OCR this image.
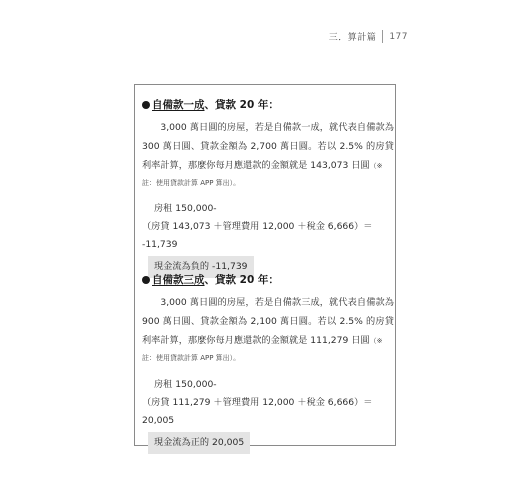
三．算計篇 177
自備款一成 、貸款 20 年：
3,000 萬日圓的房屋，若是自備款一成，就代表自備款為 300 萬日圓、貸款金額為 2,700 萬日圓。若以 2.5% 的房貸利率計算，那麼你每月應還款的金額就是 143,073 日圓（※
註：使用貸款計算 APP 算出）。
房租 150,000-
（房貸 143,073 ＋管理費用 12,000 ＋稅金 6,666）＝ -11,739
現金流為負的 -11,739
自備款三成 、貸款 20 年：
3,000 萬日圓的房屋，若是自備款三成，就代表自備款為 900 萬日圓、貸款金額為 2,100 萬日圓。若以 2.5% 的房貸利率計算，那麼你每月應還款的金額就是 111,279 日圓（※
註：使用貸款計算 APP 算出）。
房租 150,000-
（房貸 111,279 ＋管理費用 12,000 ＋稅金 6,666）＝ 20,005
現金流為正的 20,005
